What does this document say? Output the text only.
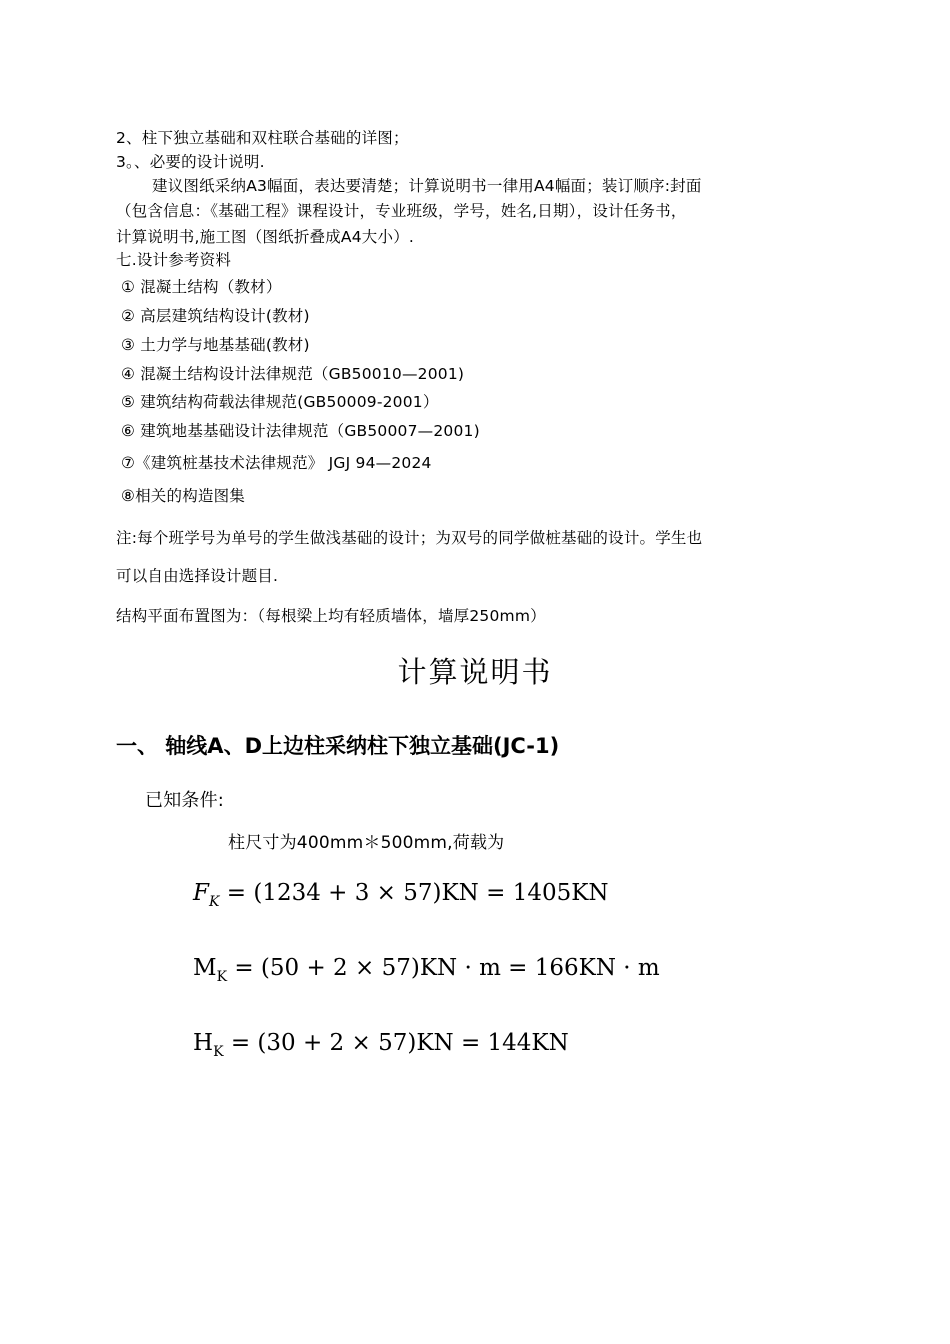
2、柱下独立基础和双柱联合基础的详图；
3。、必要的设计说明.
建议图纸采纳A3幅面，表达要清楚；计算说明书一律用A4幅面；装订顺序:封面
（包含信息：《基础工程》课程设计，专业班级，学号，姓名,日期），设计任务书，
计算说明书,施工图（图纸折叠成A4大小）.
七.设计参考资料
① 混凝土结构（教材）
② 高层建筑结构设计(教材)
③ 土力学与地基基础(教材)
④ 混凝土结构设计法律规范（GB50010—2001)
⑤ 建筑结构荷载法律规范(GB50009-2001）
⑥ 建筑地基基础设计法律规范（GB50007—2001)
⑦《建筑桩基技术法律规范》 JGJ 94—2024
⑧相关的构造图集
注:每个班学号为单号的学生做浅基础的设计；为双号的同学做桩基础的设计。学生也
可以自由选择设计题目.
结构平面布置图为：（每根梁上均有轻质墙体，墙厚250mm）
计算说明书
一、 轴线A、D上边柱采纳柱下独立基础(JC-1)
已知条件:
柱尺寸为400mm＊500mm,荷载为
$F_K = (1234 + 3 \times 57)KN = 1405KN$
$M_K = (50 + 2 \times 57)KN \cdot m = 166KN \cdot m$
$H_K = (30 + 2 \times 57)KN = 144KN$
